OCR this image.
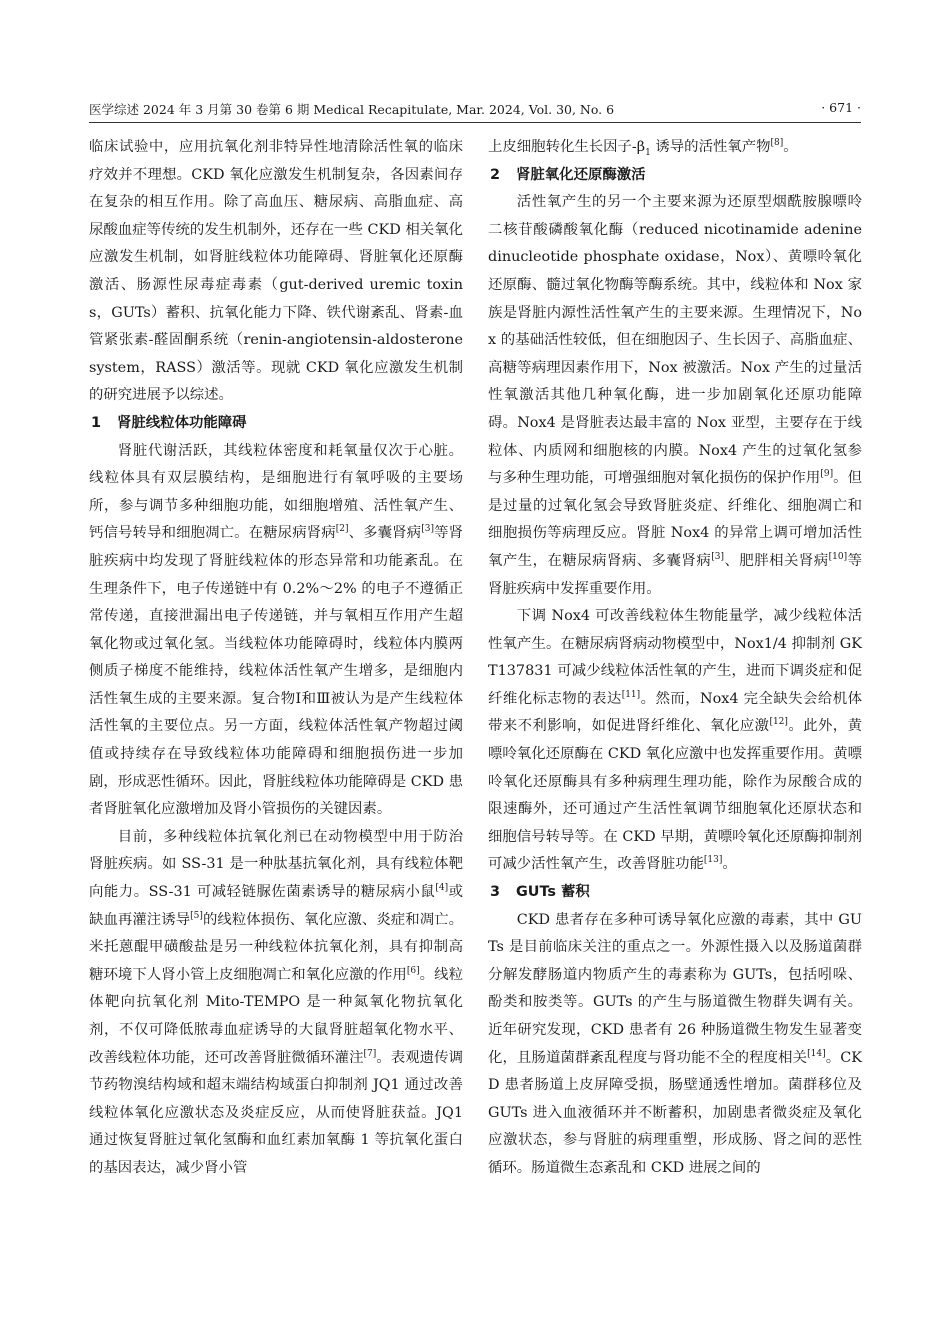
医学综述 2024 年 3 月第 30 卷第 6 期 Medical Recapitulate, Mar. 2024, Vol. 30, No. 6	· 671 ·

临床试验中，应用抗氧化剂非特异性地清除活性氧的临床疗效并不理想。CKD 氧化应激发生机制复杂，各因素间存在复杂的相互作用。除了高血压、糖尿病、高脂血症、高尿酸血症等传统的发生机制外，还存在一些 CKD 相关氧化应激发生机制，如肾脏线粒体功能障碍、肾脏氧化还原酶激活、肠源性尿毒症毒素（gut-derived uremic toxins，GUTs）蓄积、抗氧化能力下降、铁代谢紊乱、肾素-血管紧张素-醛固酮系统（renin-angiotensin-aldosterone system，RASS）激活等。现就 CKD 氧化应激发生机制的研究进展予以综述。

1 肾脏线粒体功能障碍

肾脏代谢活跃，其线粒体密度和耗氧量仅次于心脏。线粒体具有双层膜结构，是细胞进行有氧呼吸的主要场所，参与调节多种细胞功能，如细胞增殖、活性氧产生、钙信号转导和细胞凋亡。在糖尿病肾病[2]、多囊肾病[3]等肾脏疾病中均发现了肾脏线粒体的形态异常和功能紊乱。在生理条件下，电子传递链中有 0.2%～2% 的电子不遵循正常传递，直接泄漏出电子传递链，并与氧相互作用产生超氧化物或过氧化氢。当线粒体功能障碍时，线粒体内膜两侧质子梯度不能维持，线粒体活性氧产生增多，是细胞内活性氧生成的主要来源。复合物Ⅰ和Ⅲ被认为是产生线粒体活性氧的主要位点。另一方面，线粒体活性氧产物超过阈值或持续存在导致线粒体功能障碍和细胞损伤进一步加剧，形成恶性循环。因此，肾脏线粒体功能障碍是 CKD 患者肾脏氧化应激增加及肾小管损伤的关键因素。

目前，多种线粒体抗氧化剂已在动物模型中用于防治肾脏疾病。如 SS-31 是一种肽基抗氧化剂，具有线粒体靶向能力。SS-31 可减轻链脲佐菌素诱导的糖尿病小鼠[4]或缺血再灌注诱导[5]的线粒体损伤、氧化应激、炎症和凋亡。米托蒽醌甲磺酸盐是另一种线粒体抗氧化剂，具有抑制高糖环境下人肾小管上皮细胞凋亡和氧化应激的作用[6]。线粒体靶向抗氧化剂 Mito-TEMPO 是一种氮氧化物抗氧化剂，不仅可降低脓毒血症诱导的大鼠肾脏超氧化物水平、改善线粒体功能，还可改善肾脏微循环灌注[7]。表观遗传调节药物溴结构域和超末端结构域蛋白抑制剂 JQ1 通过改善线粒体氧化应激状态及炎症反应，从而使肾脏获益。JQ1 通过恢复肾脏过氧化氢酶和血红素加氧酶 1 等抗氧化蛋白的基因表达，减少肾小管

上皮细胞转化生长因子$-\beta_1$ 诱导的活性氧产物[8]。

2 肾脏氧化还原酶激活

活性氧产生的另一个主要来源为还原型烟酰胺腺嘌呤二核苷酸磷酸氧化酶（reduced nicotinamide adenine dinucleotide phosphate oxidase，Nox）、黄嘌呤氧化还原酶、髓过氧化物酶等酶系统。其中，线粒体和 Nox 家族是肾脏内源性活性氧产生的主要来源。生理情况下，Nox 的基础活性较低，但在细胞因子、生长因子、高脂血症、高糖等病理因素作用下，Nox 被激活。Nox 产生的过量活性氧激活其他几种氧化酶，进一步加剧氧化还原功能障碍。Nox4 是肾脏表达最丰富的 Nox 亚型，主要存在于线粒体、内质网和细胞核的内膜。Nox4 产生的过氧化氢参与多种生理功能，可增强细胞对氧化损伤的保护作用[9]。但是过量的过氧化氢会导致肾脏炎症、纤维化、细胞凋亡和细胞损伤等病理反应。肾脏 Nox4 的异常上调可增加活性氧产生，在糖尿病肾病、多囊肾病[3]、肥胖相关肾病[10]等肾脏疾病中发挥重要作用。

下调 Nox4 可改善线粒体生物能量学，减少线粒体活性氧产生。在糖尿病肾病动物模型中，Nox1/4 抑制剂 GKT137831 可减少线粒体活性氧的产生，进而下调炎症和促纤维化标志物的表达[11]。然而，Nox4 完全缺失会给机体带来不利影响，如促进肾纤维化、氧化应激[12]。此外，黄嘌呤氧化还原酶在 CKD 氧化应激中也发挥重要作用。黄嘌呤氧化还原酶具有多种病理生理功能，除作为尿酸合成的限速酶外，还可通过产生活性氧调节细胞氧化还原状态和细胞信号转导等。在 CKD 早期，黄嘌呤氧化还原酶抑制剂可减少活性氧产生，改善肾脏功能[13]。

3 GUTs 蓄积

CKD 患者存在多种可诱导氧化应激的毒素，其中 GUTs 是目前临床关注的重点之一。外源性摄入以及肠道菌群分解发酵肠道内物质产生的毒素称为 GUTs，包括吲哚、酚类和胺类等。GUTs 的产生与肠道微生物群失调有关。近年研究发现，CKD 患者有 26 种肠道微生物发生显著变化，且肠道菌群紊乱程度与肾功能不全的程度相关[14]。CKD 患者肠道上皮屏障受损，肠壁通透性增加。菌群移位及 GUTs 进入血液循环并不断蓄积，加剧患者微炎症及氧化应激状态，参与肾脏的病理重塑，形成肠、肾之间的恶性循环。肠道微生态紊乱和 CKD 进展之间的
